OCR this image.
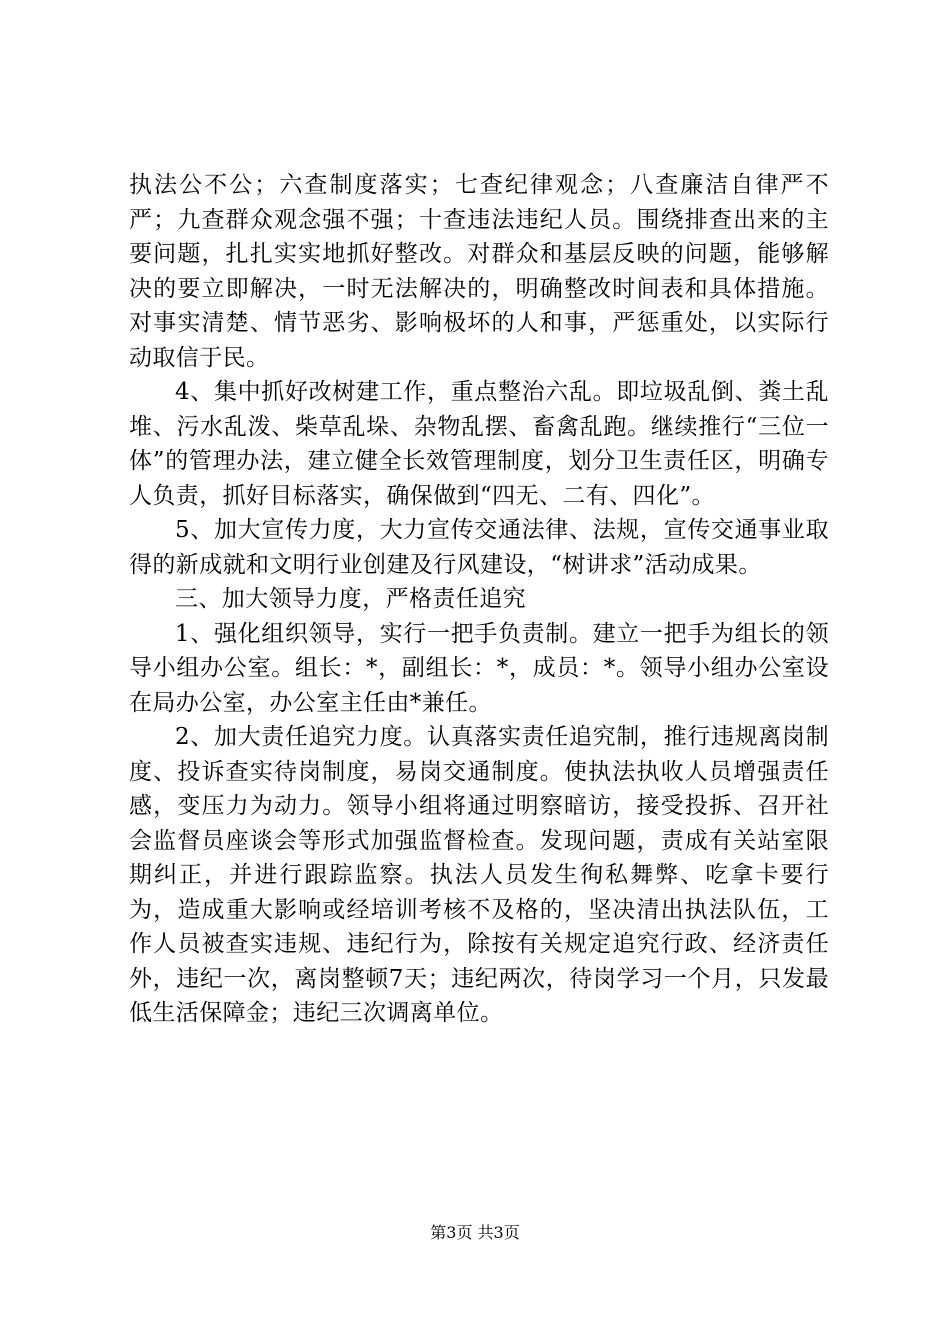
执法公不公；六查制度落实；七查纪律观念；八查廉洁自律严不严；九查群众观念强不强；十查违法违纪人员。围绕排查出来的主要问题，扎扎实实地抓好整改。对群众和基层反映的问题，能够解决的要立即解决，一时无法解决的，明确整改时间表和具体措施。对事实清楚、情节恶劣、影响极坏的人和事，严惩重处，以实际行动取信于民。

4、集中抓好改树建工作，重点整治六乱。即垃圾乱倒、粪土乱堆、污水乱泼、柴草乱垛、杂物乱摆、畜禽乱跑。继续推行“三位一体”的管理办法，建立健全长效管理制度，划分卫生责任区，明确专人负责，抓好目标落实，确保做到“四无、二有、四化”。

5、加大宣传力度，大力宣传交通法律、法规，宣传交通事业取得的新成就和文明行业创建及行风建设，“树讲求”活动成果。

三、加大领导力度，严格责任追究

1、强化组织领导，实行一把手负责制。建立一把手为组长的领导小组办公室。组长：*，副组长：*，成员：*。领导小组办公室设在局办公室，办公室主任由*兼任。

2、加大责任追究力度。认真落实责任追究制，推行违规离岗制度、投诉查实待岗制度，易岗交通制度。使执法执收人员增强责任感，变压力为动力。领导小组将通过明察暗访，接受投拆、召开社会监督员座谈会等形式加强监督检查。发现问题，责成有关站室限期纠正，并进行跟踪监察。执法人员发生徇私舞弊、吃拿卡要行为，造成重大影响或经培训考核不及格的，坚决清出执法队伍，工作人员被查实违规、违纪行为，除按有关规定追究行政、经济责任外，违纪一次，离岗整顿7天；违纪两次，待岗学习一个月，只发最低生活保障金；违纪三次调离单位。

第3页 共3页
